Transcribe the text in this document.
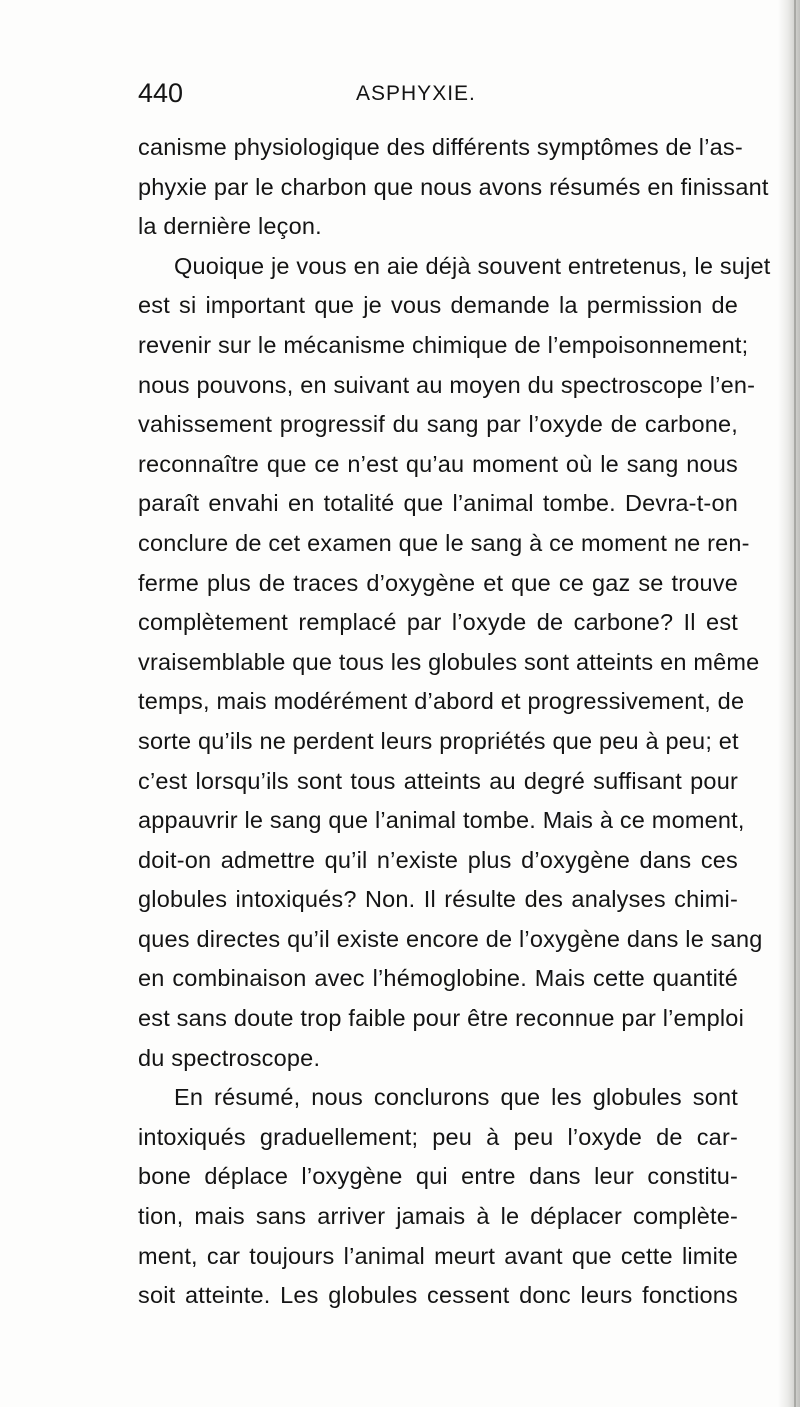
440	ASPHYXIE.
canisme physiologique des différents symptômes de l’as-
phyxie par le charbon que nous avons résumés en finissant
la dernière leçon.
Quoique je vous en aie déjà souvent entretenus, le sujet
est si important que je vous demande la permission de
revenir sur le mécanisme chimique de l’empoisonnement;
nous pouvons, en suivant au moyen du spectroscope l’en-
vahissement progressif du sang par l’oxyde de carbone,
reconnaître que ce n’est qu’au moment où le sang nous
paraît envahi en totalité que l’animal tombe. Devra-t-on
conclure de cet examen que le sang à ce moment ne ren-
ferme plus de traces d’oxygène et que ce gaz se trouve
complètement remplacé par l’oxyde de carbone? Il est
vraisemblable que tous les globules sont atteints en même
temps, mais modérément d’abord et progressivement, de
sorte qu’ils ne perdent leurs propriétés que peu à peu; et
c’est lorsqu’ils sont tous atteints au degré suffisant pour
appauvrir le sang que l’animal tombe. Mais à ce moment,
doit-on admettre qu’il n’existe plus d’oxygène dans ces
globules intoxiqués? Non. Il résulte des analyses chimi-
ques directes qu’il existe encore de l’oxygène dans le sang
en combinaison avec l’hémoglobine. Mais cette quantité
est sans doute trop faible pour être reconnue par l’emploi
du spectroscope.
En résumé, nous conclurons que les globules sont
intoxiqués graduellement; peu à peu l’oxyde de car-
bone déplace l’oxygène qui entre dans leur constitu-
tion, mais sans arriver jamais à le déplacer complète-
ment, car toujours l’animal meurt avant que cette limite
soit atteinte. Les globules cessent donc leurs fonctions
